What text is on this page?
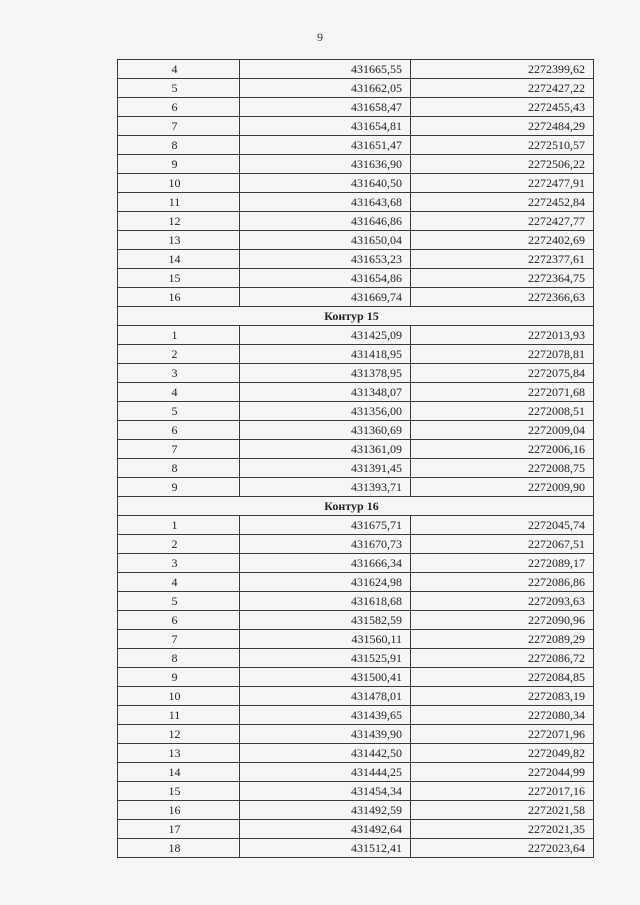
9
4	431665,55	2272399,62
5	431662,05	2272427,22
6	431658,47	2272455,43
7	431654,81	2272484,29
8	431651,47	2272510,57
9	431636,90	2272506,22
10	431640,50	2272477,91
11	431643,68	2272452,84
12	431646,86	2272427,77
13	431650,04	2272402,69
14	431653,23	2272377,61
15	431654,86	2272364,75
16	431669,74	2272366,63
Контур 15		
1	431425,09	2272013,93
2	431418,95	2272078,81
3	431378,95	2272075,84
4	431348,07	2272071,68
5	431356,00	2272008,51
6	431360,69	2272009,04
7	431361,09	2272006,16
8	431391,45	2272008,75
9	431393,71	2272009,90
Контур 16		
1	431675,71	2272045,74
2	431670,73	2272067,51
3	431666,34	2272089,17
4	431624,98	2272086,86
5	431618,68	2272093,63
6	431582,59	2272090,96
7	431560,11	2272089,29
8	431525,91	2272086,72
9	431500,41	2272084,85
10	431478,01	2272083,19
11	431439,65	2272080,34
12	431439,90	2272071,96
13	431442,50	2272049,82
14	431444,25	2272044,99
15	431454,34	2272017,16
16	431492,59	2272021,58
17	431492,64	2272021,35
18	431512,41	2272023,64
